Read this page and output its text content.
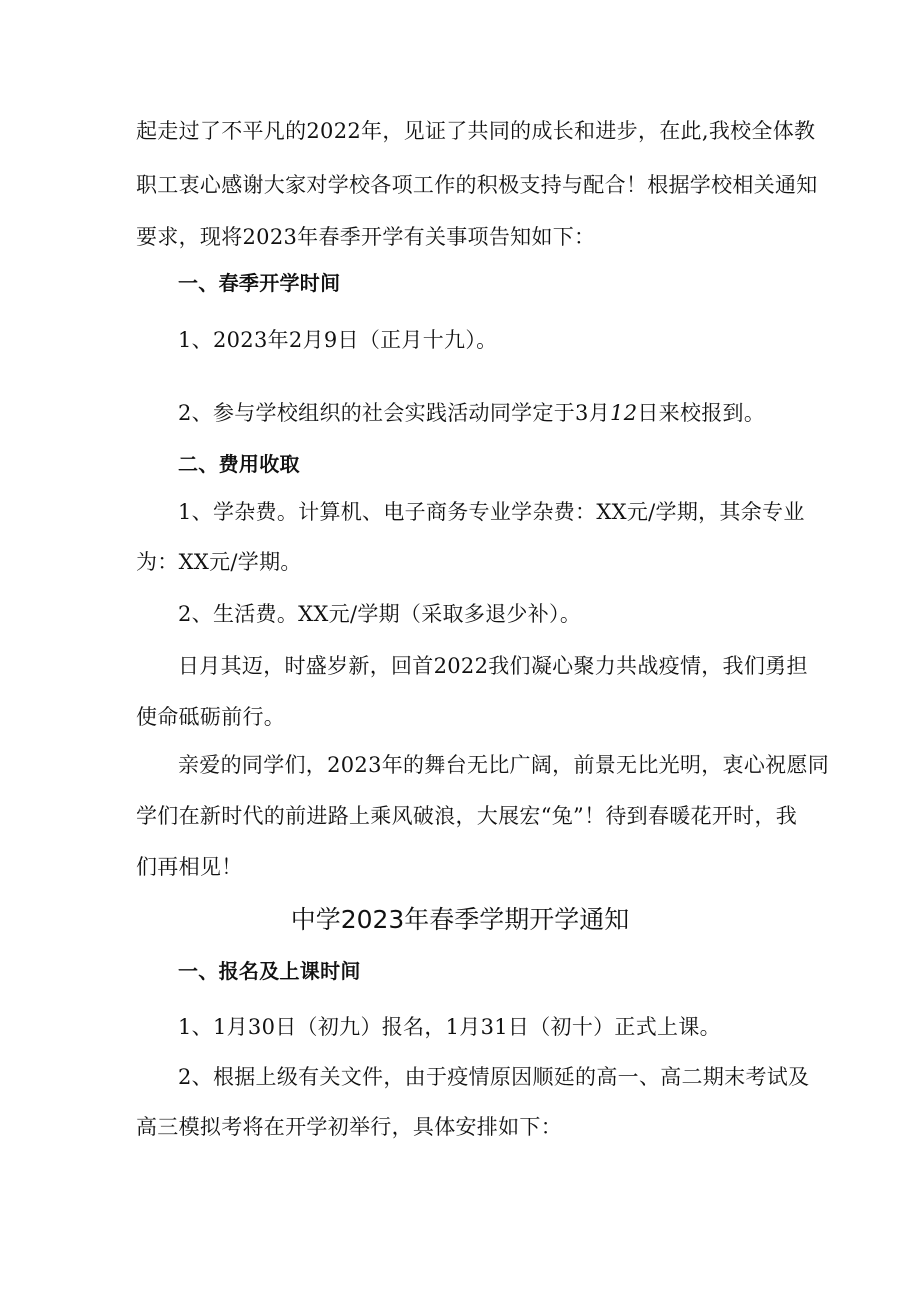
起走过了不平凡的2022年，见证了共同的成长和进步，在此,我校全体教
职工衷心感谢大家对学校各项工作的积极支持与配合！根据学校相关通知
要求，现将2023年春季开学有关事项告知如下：
一、春季开学时间
1、2023年2月9日（正月十九）。
2、参与学校组织的社会实践活动同学定于3月12日来校报到。
二、费用收取
1、学杂费。计算机、电子商务专业学杂费：XX元/学期，其余专业
为：XX元/学期。
2、生活费。XX元/学期（采取多退少补）。
日月其迈，时盛岁新，回首2022我们凝心聚力共战疫情，我们勇担
使命砥砺前行。
亲爱的同学们，2023年的舞台无比广阔，前景无比光明，衷心祝愿同
学们在新时代的前进路上乘风破浪，大展宏“兔”！待到春暖花开时，我
们再相见！
中学2023年春季学期开学通知
一、报名及上课时间
1、1月30日（初九）报名，1月31日（初十）正式上课。
2、根据上级有关文件，由于疫情原因顺延的高一、高二期末考试及
高三模拟考将在开学初举行，具体安排如下：
